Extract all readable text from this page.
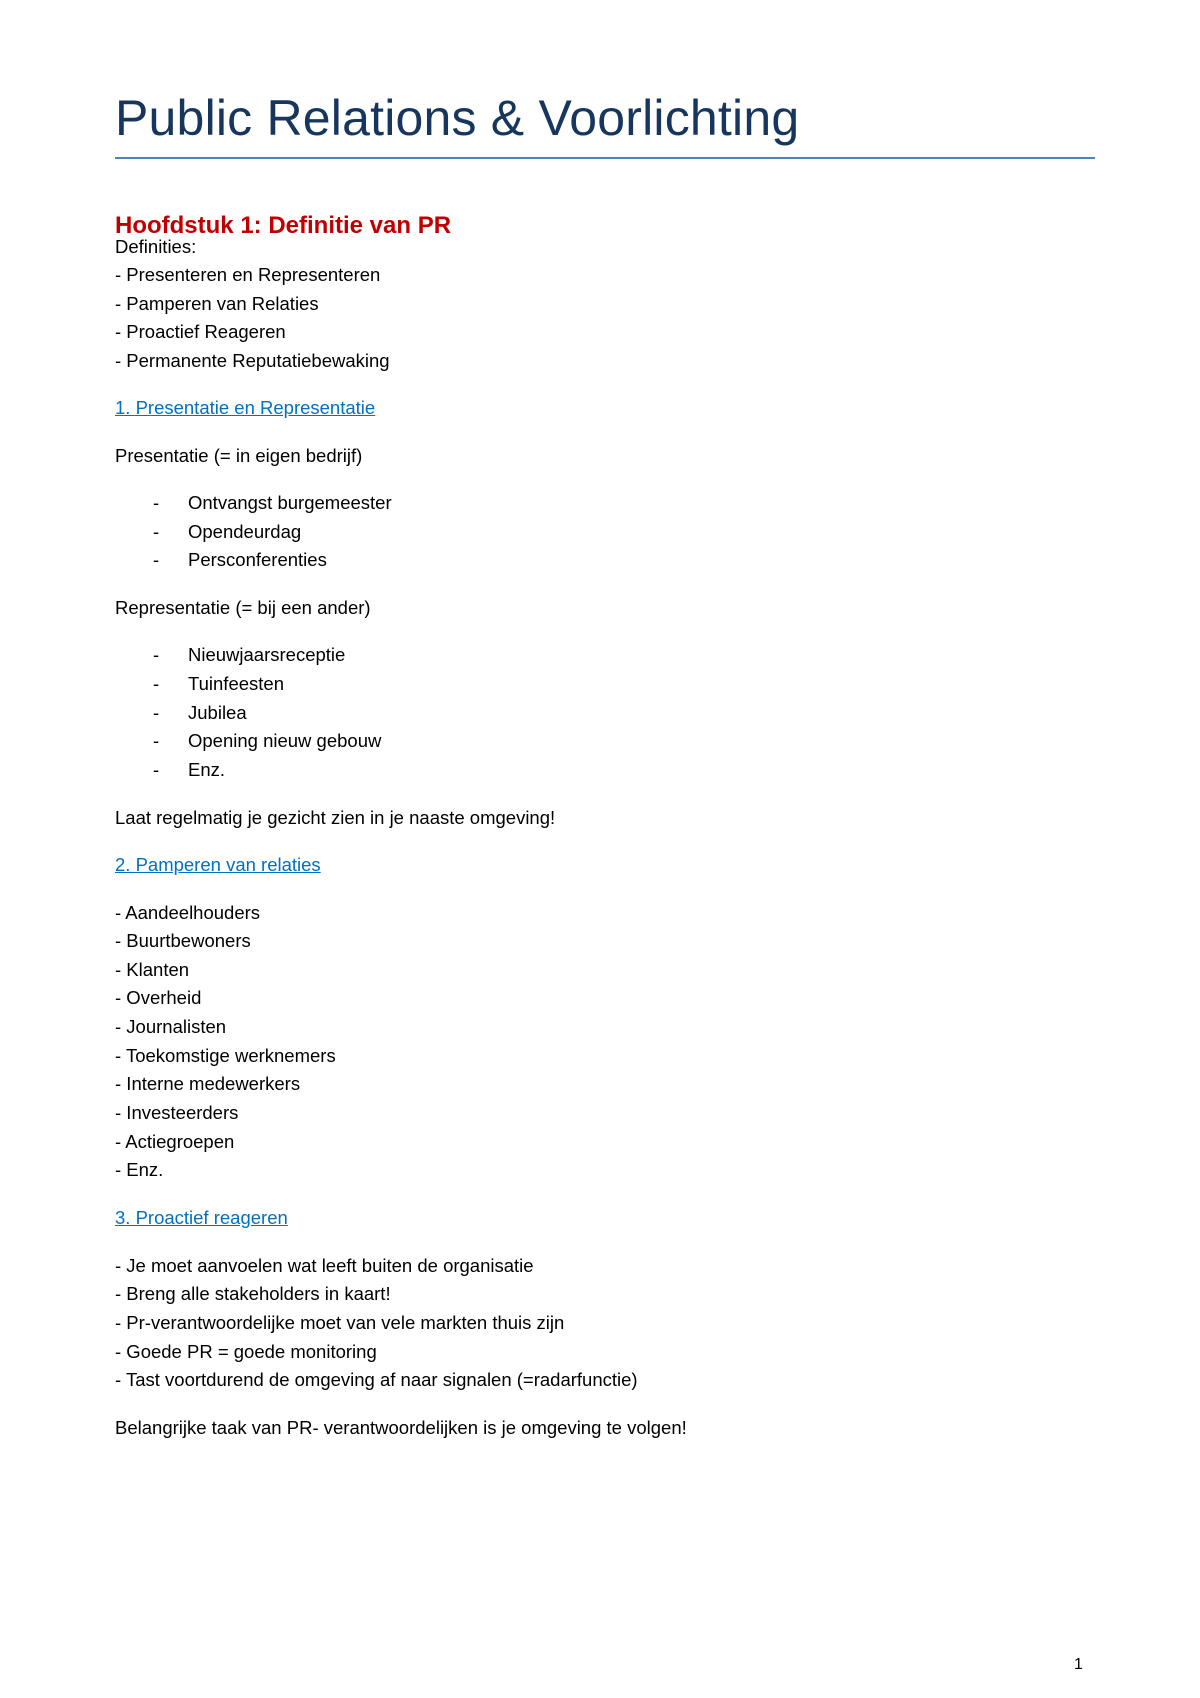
Public Relations & Voorlichting
Hoofdstuk 1: Definitie van PR
Definities:
- Presenteren en Representeren
- Pamperen van Relaties
- Proactief Reageren
- Permanente Reputatiebewaking
1. Presentatie en Representatie
Presentatie (= in eigen bedrijf)
- Ontvangst burgemeester
- Opendeurdag
- Persconferenties
Representatie (= bij een ander)
- Nieuwjaarsreceptie
- Tuinfeesten
- Jubilea
- Opening nieuw gebouw
- Enz.
Laat regelmatig je gezicht zien in je naaste omgeving!
2. Pamperen van relaties
- Aandeelhouders
- Buurtbewoners
- Klanten
- Overheid
- Journalisten
- Toekomstige werknemers
- Interne medewerkers
- Investeerders
- Actiegroepen
- Enz.
3. Proactief reageren
- Je moet aanvoelen wat leeft buiten de organisatie
- Breng alle stakeholders in kaart!
- Pr-verantwoordelijke moet van vele markten thuis zijn
- Goede PR = goede monitoring
- Tast voortdurend de omgeving af naar signalen (=radarfunctie)
Belangrijke taak van PR- verantwoordelijken is je omgeving te volgen!
1
